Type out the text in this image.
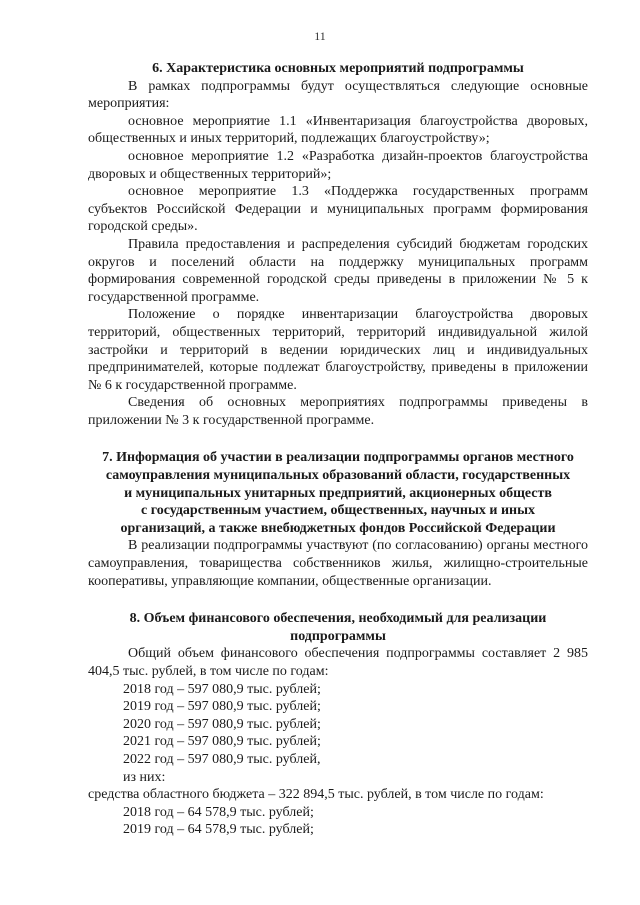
11
6. Характеристика основных мероприятий подпрограммы

В рамках подпрограммы будут осуществляться следующие основные мероприятия:

основное мероприятие 1.1 «Инвентаризация благоустройства дворовых, общественных и иных территорий, подлежащих благоустройству»;

основное мероприятие 1.2 «Разработка дизайн-проектов благоустройства дворовых и общественных территорий»;

основное мероприятие 1.3 «Поддержка государственных программ субъектов Российской Федерации и муниципальных программ формирования городской среды».

Правила предоставления и распределения субсидий бюджетам городских округов и поселений области на поддержку муниципальных программ формирования современной городской среды приведены в приложении № 5 к государственной программе.

Положение о порядке инвентаризации благоустройства дворовых территорий, общественных территорий, территорий индивидуальной жилой застройки и территорий в ведении юридических лиц и индивидуальных предпринимателей, которые подлежат благоустройству, приведены в приложении № 6 к государственной программе.

Сведения об основных мероприятиях подпрограммы приведены в приложении № 3 к государственной программе.

7. Информация об участии в реализации подпрограммы органов местного
самоуправления муниципальных образований области, государственных
и муниципальных унитарных предприятий, акционерных обществ
с государственным участием, общественных, научных и иных
организаций, а также внебюджетных фондов Российской Федерации

В реализации подпрограммы участвуют (по согласованию) органы местного самоуправления, товарищества собственников жилья, жилищно-строительные кооперативы, управляющие компании, общественные организации.

8. Объем финансового обеспечения, необходимый для реализации
подпрограммы

Общий объем финансового обеспечения подпрограммы составляет 2 985 404,5 тыс. рублей, в том числе по годам:

2018 год – 597 080,9 тыс. рублей;

2019 год – 597 080,9 тыс. рублей;

2020 год – 597 080,9 тыс. рублей;

2021 год – 597 080,9 тыс. рублей;

2022 год – 597 080,9 тыс. рублей,

из них:

средства областного бюджета – 322 894,5 тыс. рублей, в том числе по годам:

2018 год – 64 578,9 тыс. рублей;

2019 год – 64 578,9 тыс. рублей;
